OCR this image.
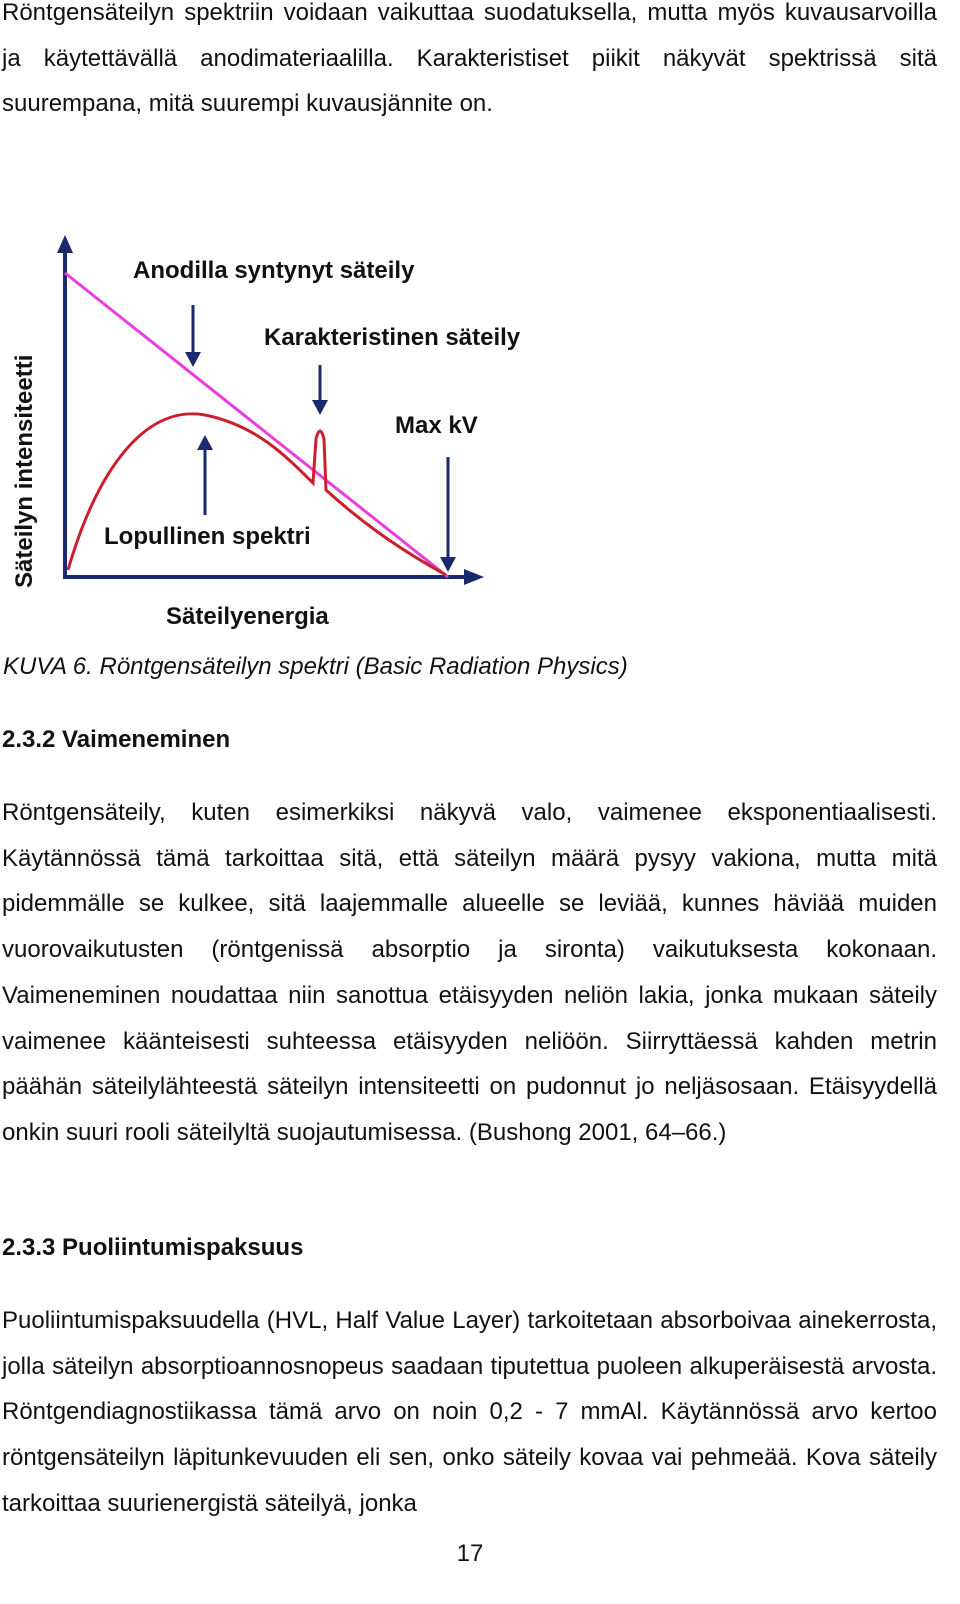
Röntgensäteilyn spektriin voidaan vaikuttaa suodatuksella, mutta myös kuvausarvoilla ja käytettävällä anodimateriaalilla. Karakteristiset piikit näkyvät spektrissä sitä suurempana, mitä suurempi kuvausjännite on.

Anodilla syntynyt säteily
Karakteristinen säteily
Max kV
Lopullinen spektri
Säteilyenergia
Säteilyn intensiteetti

KUVA 6. Röntgensäteilyn spektri (Basic Radiation Physics)

2.3.2 Vaimeneminen

Röntgensäteily, kuten esimerkiksi näkyvä valo, vaimenee eksponentiaalisesti. Käytännössä tämä tarkoittaa sitä, että säteilyn määrä pysyy vakiona, mutta mitä pidemmälle se kulkee, sitä laajemmalle alueelle se leviää, kunnes häviää muiden vuorovaikutusten (röntgenissä absorptio ja sironta) vaikutuksesta kokonaan. Vaimeneminen noudattaa niin sanottua etäisyyden neliön lakia, jonka mukaan säteily vaimenee käänteisesti suhteessa etäisyyden neliöön. Siirryttäessä kahden metrin päähän säteilylähteestä säteilyn intensiteetti on pudonnut jo neljäsosaan. Etäisyydellä onkin suuri rooli säteilyltä suojautumisessa. (Bushong 2001, 64–66.)

2.3.3 Puoliintumispaksuus

Puoliintumispaksuudella (HVL, Half Value Layer) tarkoitetaan absorboivaa ainekerrosta, jolla säteilyn absorptioannosnopeus saadaan tiputettua puoleen alkuperäisestä arvosta. Röntgendiagnostiikassa tämä arvo on noin 0,2 - 7 mmAl. Käytännössä arvo kertoo röntgensäteilyn läpitunkevuuden eli sen, onko säteily kovaa vai pehmeää. Kova säteily tarkoittaa suurienergistä säteilyä, jonka

17
